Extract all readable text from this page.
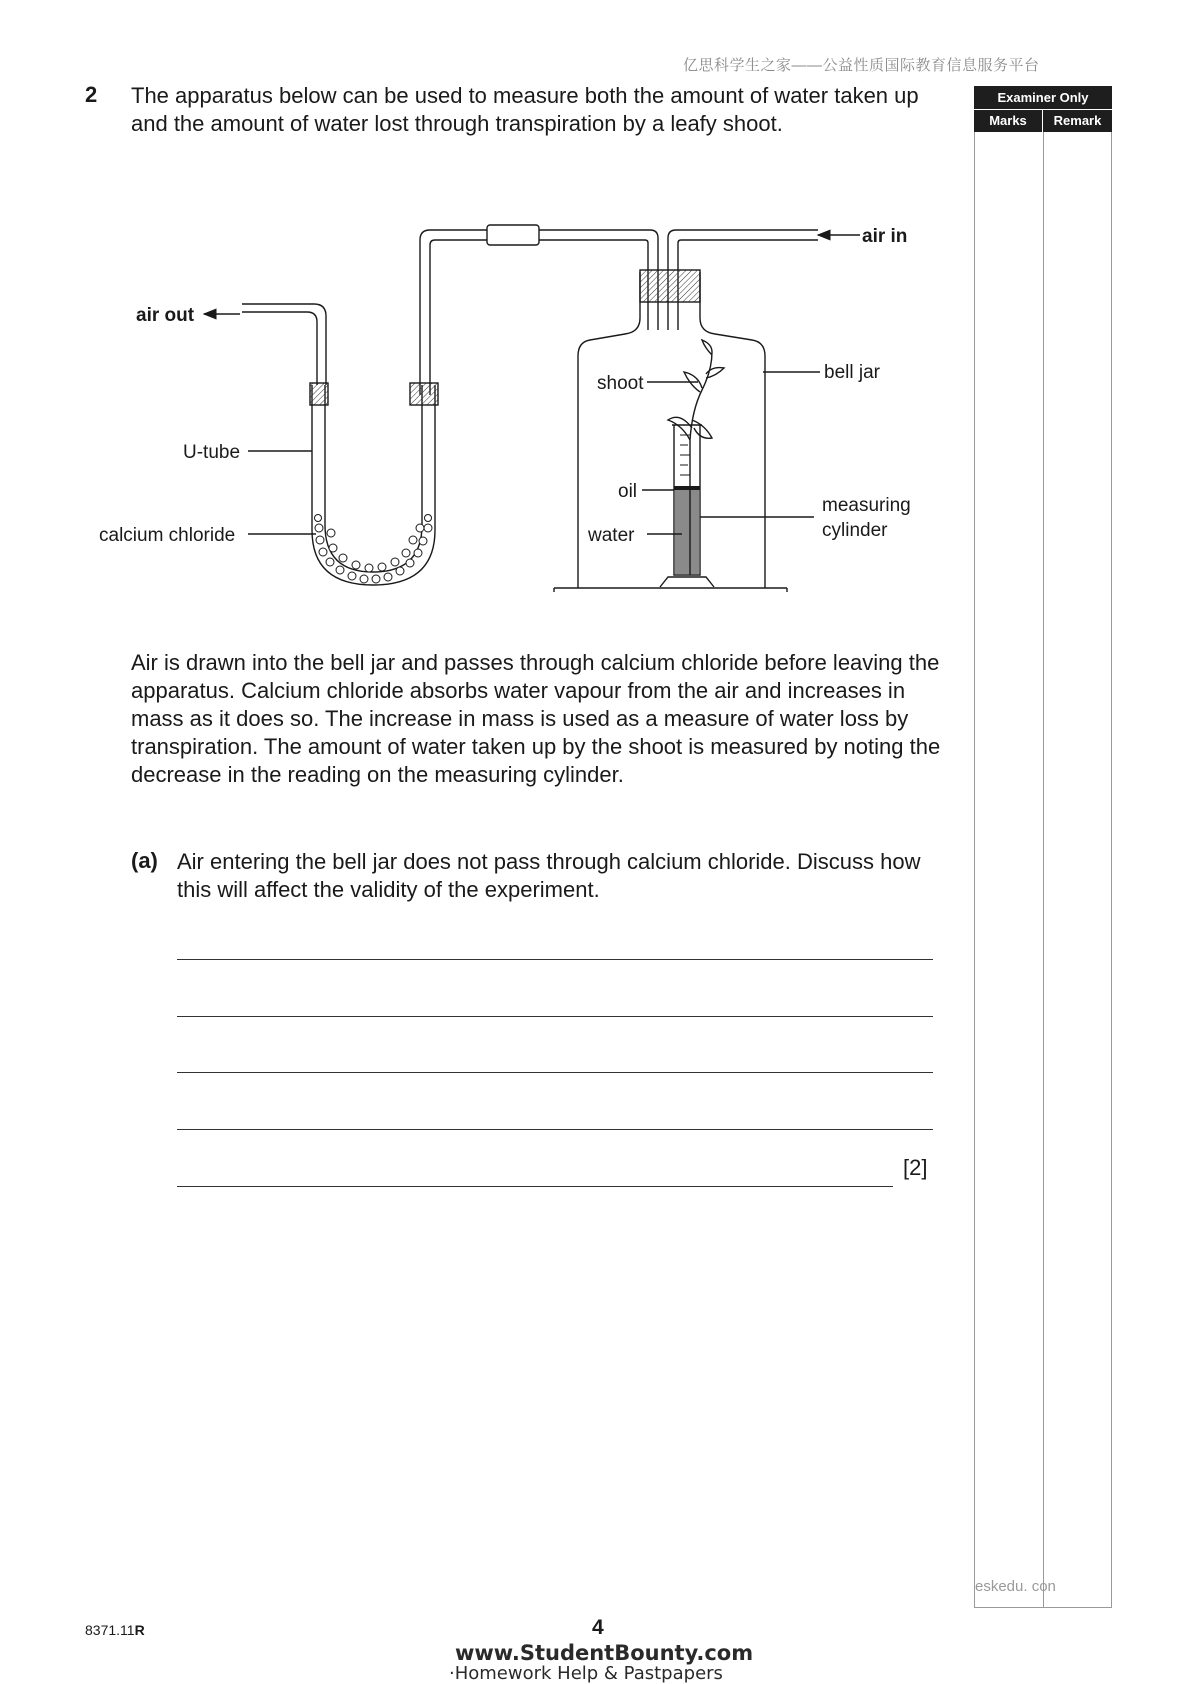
亿思科学生之家——公益性质国际教育信息服务平台
2 The apparatus below can be used to measure both the amount of water taken up and the amount of water lost through transpiration by a leafy shoot.
Examiner Only
Marks	Remark
air in
air out
bell jar
shoot
U-tube
oil
water
calcium chloride
measuring
cylinder
Air is drawn into the bell jar and passes through calcium chloride before leaving the apparatus. Calcium chloride absorbs water vapour from the air and increases in mass as it does so. The increase in mass is used as a measure of water loss by transpiration. The amount of water taken up by the shoot is measured by noting the decrease in the reading on the measuring cylinder.
(a) Air entering the bell jar does not pass through calcium chloride. Discuss how this will affect the validity of the experiment.
[2]
eskedu. con
8371.11R	4
www.StudentBounty.com
·Homework Help & Pastpapers
